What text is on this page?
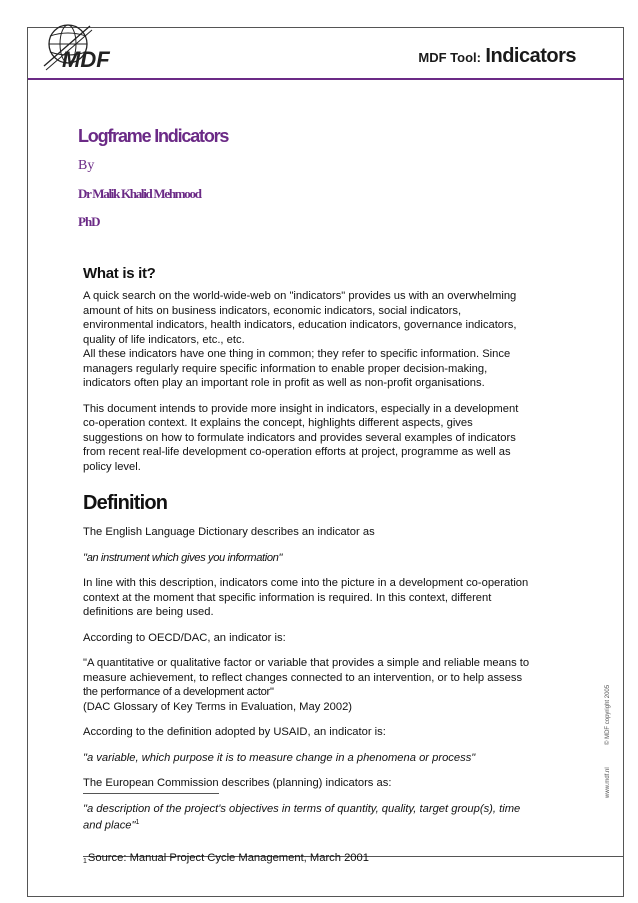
MDF	MDF Tool: Indicators
Logframe Indicators
By
Dr Malik Khalid Mehmood
PhD
What is it?
A quick search on the world-wide-web on "indicators" provides us with an overwhelming
amount of hits on business indicators, economic indicators, social indicators,
environmental indicators, health indicators, education indicators, governance indicators,
quality of life indicators, etc., etc.
All these indicators have one thing in common; they refer to specific information. Since
managers regularly require specific information to enable proper decision-making,
indicators often play an important role in profit as well as non-profit organisations.
This document intends to provide more insight in indicators, especially in a development
co-operation context. It explains the concept, highlights different aspects, gives
suggestions on how to formulate indicators and provides several examples of indicators
from recent real-life development co-operation efforts at project, programme as well as
policy level.
Definition
The English Language Dictionary describes an indicator as
"an instrument which gives you information"
In line with this description, indicators come into the picture in a development co-operation
context at the moment that specific information is required. In this context, different
definitions are being used.
According to OECD/DAC, an indicator is:
"A quantitative or qualitative factor or variable that provides a simple and reliable means to
measure achievement, to reflect changes connected to an intervention, or to help assess
the performance of a development actor"
(DAC Glossary of Key Terms in Evaluation, May 2002)
According to the definition adopted by USAID, an indicator is:
"a variable, which purpose it is to measure change in a phenomena or process"
The European Commission
describes (planning) indicators as:
"a description of the project's objectives in terms of quantity, quality, target group(s), time
and place"$^1$
$^1$Source: Manual Project Cycle Management, March 2001
© MDF copyright 2005
www.mdf.nl
